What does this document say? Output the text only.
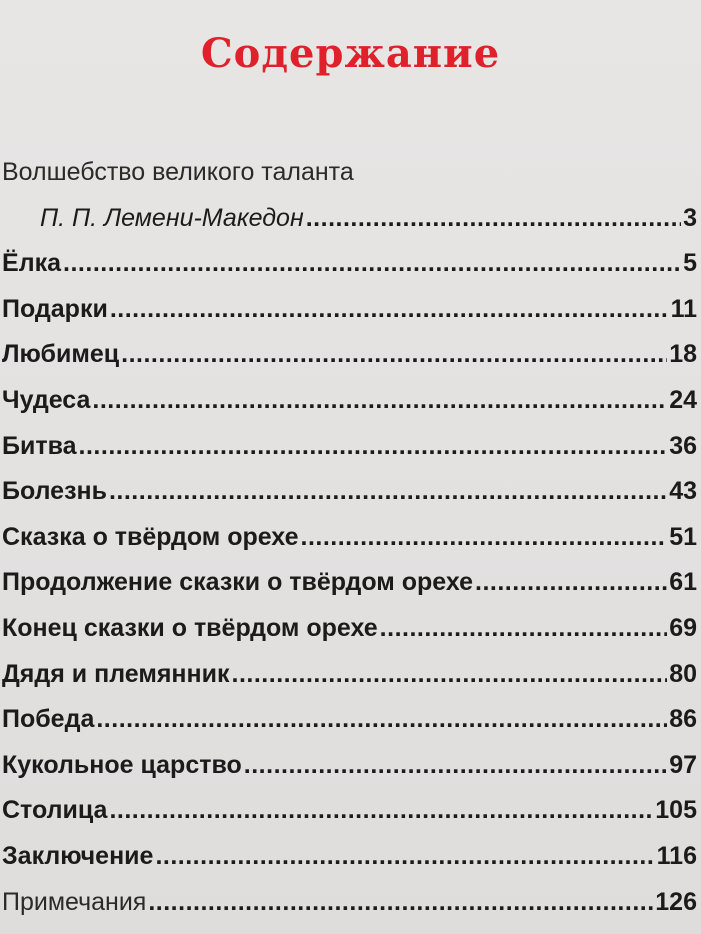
Содержание
Волшебство великого таланта
П. П. Лемени-Македон .....	3
Ёлка .....	5
Подарки .....	11
Любимец .....	18
Чудеса .....	24
Битва .....	36
Болезнь .....	43
Сказка о твёрдом орехе .....	51
Продолжение сказки о твёрдом орехе .....	61
Конец сказки о твёрдом орехе .....	69
Дядя и племянник .....	80
Победа .....	86
Кукольное царство .....	97
Столица .....	105
Заключение .....	116
Примечания .....	126
